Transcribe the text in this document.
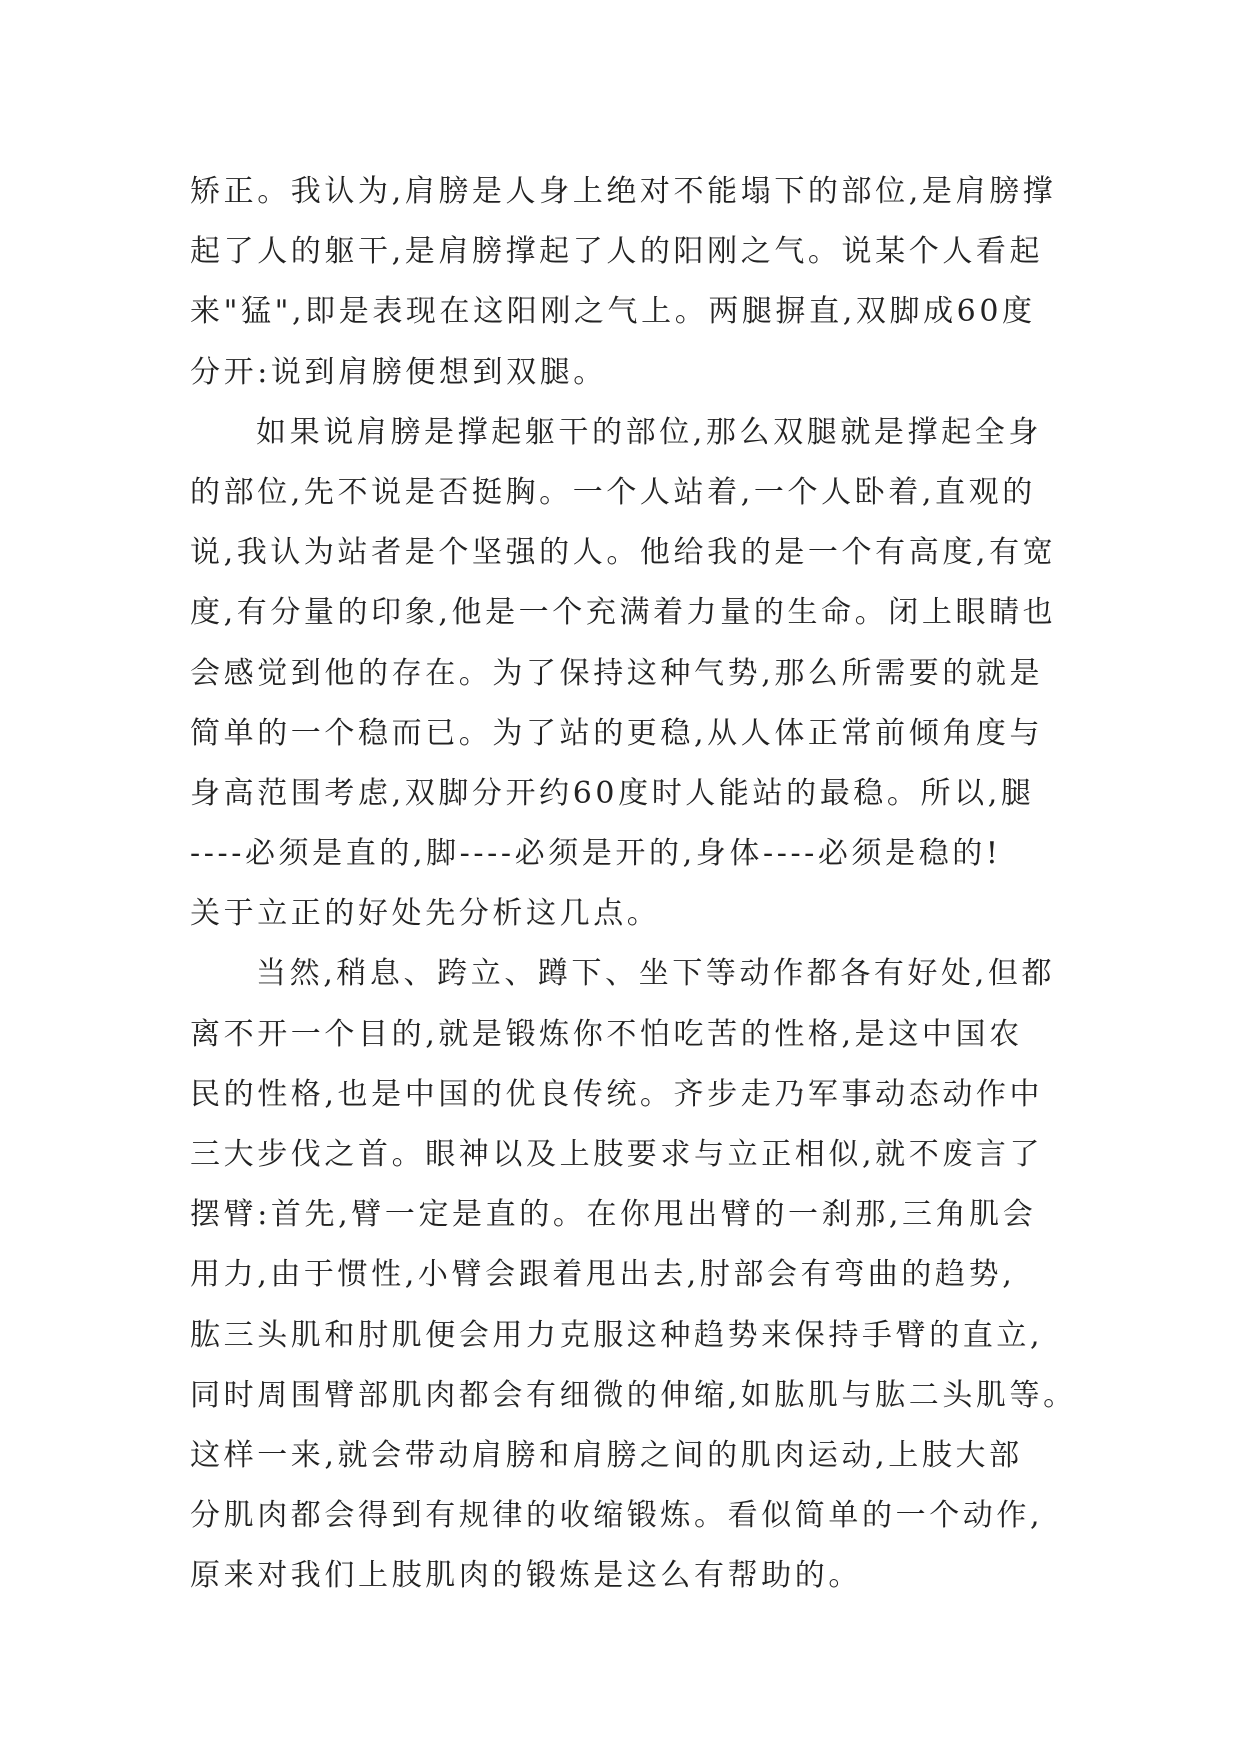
矫正。我认为,肩膀是人身上绝对不能塌下的部位,是肩膀撑
起了人的躯干,是肩膀撑起了人的阳刚之气。说某个人看起
来"猛",即是表现在这阳刚之气上。两腿摒直,双脚成60度
分开:说到肩膀便想到双腿。
如果说肩膀是撑起躯干的部位,那么双腿就是撑起全身
的部位,先不说是否挺胸。一个人站着,一个人卧着,直观的
说,我认为站者是个坚强的人。他给我的是一个有高度,有宽
度,有分量的印象,他是一个充满着力量的生命。闭上眼睛也
会感觉到他的存在。为了保持这种气势,那么所需要的就是
简单的一个稳而已。为了站的更稳,从人体正常前倾角度与
身高范围考虑,双脚分开约60度时人能站的最稳。所以,腿
----必须是直的,脚----必须是开的,身体----必须是稳的!
关于立正的好处先分析这几点。
当然,稍息、跨立、蹲下、坐下等动作都各有好处,但都
离不开一个目的,就是锻炼你不怕吃苦的性格,是这中国农
民的性格,也是中国的优良传统。齐步走乃军事动态动作中
三大步伐之首。眼神以及上肢要求与立正相似,就不废言了
摆臂:首先,臂一定是直的。在你甩出臂的一刹那,三角肌会
用力,由于惯性,小臂会跟着甩出去,肘部会有弯曲的趋势,
肱三头肌和肘肌便会用力克服这种趋势来保持手臂的直立,
同时周围臂部肌肉都会有细微的伸缩,如肱肌与肱二头肌等。
这样一来,就会带动肩膀和肩膀之间的肌肉运动,上肢大部
分肌肉都会得到有规律的收缩锻炼。看似简单的一个动作,
原来对我们上肢肌肉的锻炼是这么有帮助的。
